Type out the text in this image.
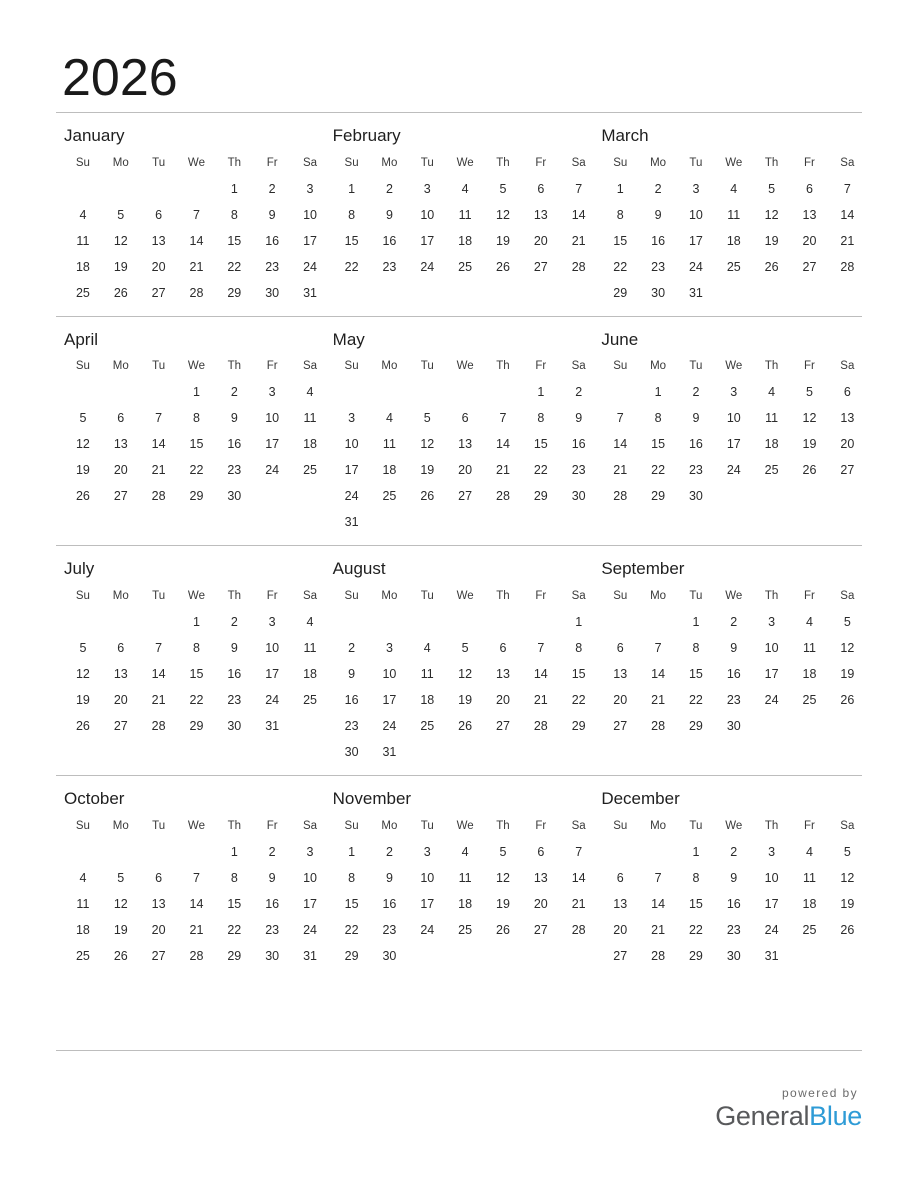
2026
January
Su	Mo	Tu	We	Th	Fr	Sa
				1	2	3
4	5	6	7	8	9	10
11	12	13	14	15	16	17
18	19	20	21	22	23	24
25	26	27	28	29	30	31
February
Su	Mo	Tu	We	Th	Fr	Sa
1	2	3	4	5	6	7
8	9	10	11	12	13	14
15	16	17	18	19	20	21
22	23	24	25	26	27	28
March
Su	Mo	Tu	We	Th	Fr	Sa
1	2	3	4	5	6	7
8	9	10	11	12	13	14
15	16	17	18	19	20	21
22	23	24	25	26	27	28
29	30	31				
April
Su	Mo	Tu	We	Th	Fr	Sa
			1	2	3	4
5	6	7	8	9	10	11
12	13	14	15	16	17	18
19	20	21	22	23	24	25
26	27	28	29	30		
May
Su	Mo	Tu	We	Th	Fr	Sa
					1	2
3	4	5	6	7	8	9
10	11	12	13	14	15	16
17	18	19	20	21	22	23
24	25	26	27	28	29	30
31						
June
Su	Mo	Tu	We	Th	Fr	Sa
	1	2	3	4	5	6
7	8	9	10	11	12	13
14	15	16	17	18	19	20
21	22	23	24	25	26	27
28	29	30				
July
Su	Mo	Tu	We	Th	Fr	Sa
			1	2	3	4
5	6	7	8	9	10	11
12	13	14	15	16	17	18
19	20	21	22	23	24	25
26	27	28	29	30	31	
August
Su	Mo	Tu	We	Th	Fr	Sa
						1
2	3	4	5	6	7	8
9	10	11	12	13	14	15
16	17	18	19	20	21	22
23	24	25	26	27	28	29
30	31					
September
Su	Mo	Tu	We	Th	Fr	Sa
		1	2	3	4	5
6	7	8	9	10	11	12
13	14	15	16	17	18	19
20	21	22	23	24	25	26
27	28	29	30			
October
Su	Mo	Tu	We	Th	Fr	Sa
				1	2	3
4	5	6	7	8	9	10
11	12	13	14	15	16	17
18	19	20	21	22	23	24
25	26	27	28	29	30	31
November
Su	Mo	Tu	We	Th	Fr	Sa
1	2	3	4	5	6	7
8	9	10	11	12	13	14
15	16	17	18	19	20	21
22	23	24	25	26	27	28
29	30					
December
Su	Mo	Tu	We	Th	Fr	Sa
		1	2	3	4	5
6	7	8	9	10	11	12
13	14	15	16	17	18	19
20	21	22	23	24	25	26
27	28	29	30	31		
powered by
GeneralBlue
